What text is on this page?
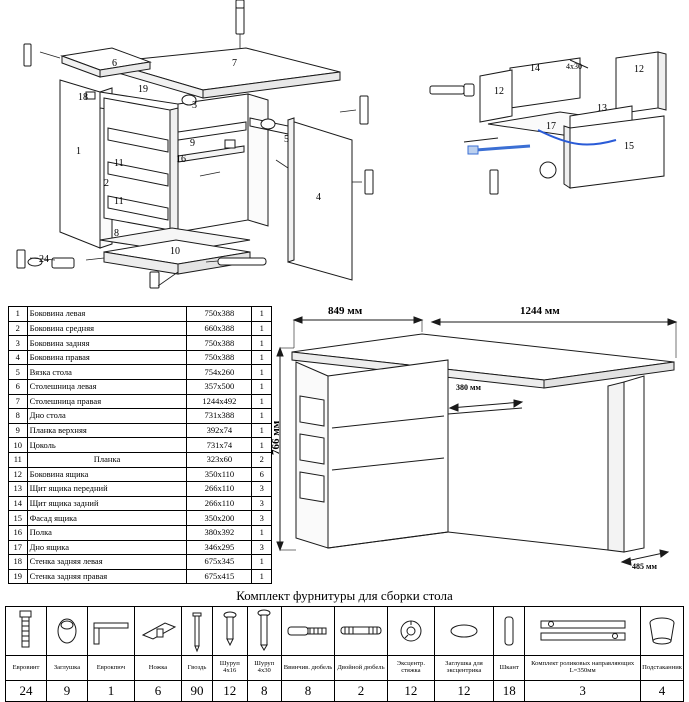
1
2
3
4
5
6	7
8
9
10
11
11
16
19
18
24
14	12
12
13
17
15
4x30
1	Боковина левая	750x388	1
2	Боковина средняя	660x388	1
3	Боковина задняя	750x388	1
4	Боковина правая	750x388	1
5	Вязка стола	754x260	1
6	Столешница левая	357x500	1
7	Столешница правая	1244x492	1
8	Дно стола	731x388	1
9	Планка верхняя	392x74	1
10	Цоколь	731x74	1
11	Планка	323x60	2
12	Боковина ящика	350x110	6
13	Щит ящика передний	266х110	3
14	Щит ящика задний	266х110	3
15	Фасад ящика	350x200	3
16	Полка	380x392	1
17	Дно ящика	346x295	3
18	Стенка задняя левая	675x345	1
19	Стенка задняя правая	675x415	1
849 мм	1244 мм
766 мм
380 мм
485 мм
Комплект фурнитуры для сборки стола

Евровинт	Заглушка	Еврокпюч	Ножка	Гвоздь	Шуруп 4x16	Шуруп 4x30	Ввинчив. дюбель	Двойной дюбель	Эксцентр. стяжка	Заглушка для эксцентрика	Шкант	Комплект роликовых направляющих L=350мм	Подстаканник
24	9	1	6	90	12	8	8	2	12	12	18	3	4
